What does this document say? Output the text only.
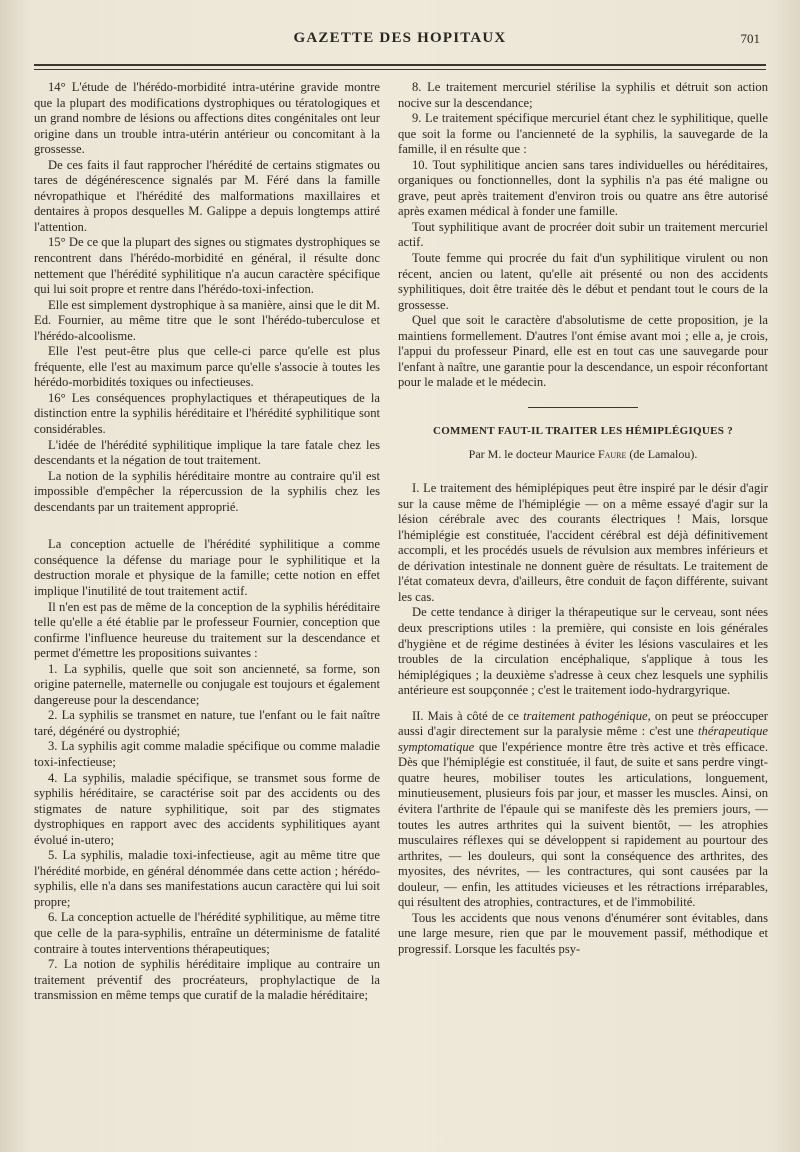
GAZETTE DES HOPITAUX	701

14° L'étude de l'hérédo-morbidité intra-utérine gravide montre que la plupart des modifications dystrophiques ou tératologiques et un grand nombre de lésions ou affections dites congénitales ont leur origine dans un trouble intra-utérin antérieur ou concomitant à la grossesse.

De ces faits il faut rapprocher l'hérédité de certains stigmates ou tares de dégénérescence signalés par M. Féré dans la famille névropathique et l'hérédité des malformations maxillaires et dentaires à propos desquelles M. Galippe a depuis longtemps attiré l'attention.

15° De ce que la plupart des signes ou stigmates dystrophiques se rencontrent dans l'hérédo-morbidité en général, il résulte donc nettement que l'hérédité syphilitique n'a aucun caractère spécifique qui lui soit propre et rentre dans l'hérédo-toxi-infection.

Elle est simplement dystrophique à sa manière, ainsi que le dit M. Ed. Fournier, au même titre que le sont l'hérédo-tuberculose et l'hérédo-alcoolisme.

Elle l'est peut-être plus que celle-ci parce qu'elle est plus fréquente, elle l'est au maximum parce qu'elle s'associe à toutes les hérédo-morbidités toxiques ou infectieuses.

16° Les conséquences prophylactiques et thérapeutiques de la distinction entre la syphilis héréditaire et l'hérédité syphilitique sont considérables.

L'idée de l'hérédité syphilitique implique la tare fatale chez les descendants et la négation de tout traitement.

La notion de la syphilis héréditaire montre au contraire qu'il est impossible d'empêcher la répercussion de la syphilis chez les descendants par un traitement approprié.

La conception actuelle de l'hérédité syphilitique a comme conséquence la défense du mariage pour le syphilitique et la destruction morale et physique de la famille; cette notion en effet implique l'inutilité de tout traitement actif.

Il n'en est pas de même de la conception de la syphilis héréditaire telle qu'elle a été établie par le professeur Fournier, conception que confirme l'influence heureuse du traitement sur la descendance et permet d'émettre les propositions suivantes :

1. La syphilis, quelle que soit son ancienneté, sa forme, son origine paternelle, maternelle ou conjugale est toujours et également dangereuse pour la descendance;

2. La syphilis se transmet en nature, tue l'enfant ou le fait naître taré, dégénéré ou dystrophié;

3. La syphilis agit comme maladie spécifique ou comme maladie toxi-infectieuse;

4. La syphilis, maladie spécifique, se transmet sous forme de syphilis héréditaire, se caractérise soit par des accidents ou des stigmates de nature syphilitique, soit par des stigmates dystrophiques en rapport avec des accidents syphilitiques ayant évolué in-utero;

5. La syphilis, maladie toxi-infectieuse, agit au même titre que l'hérédité morbide, en général dénommée dans cette action ; hérédo-syphilis, elle n'a dans ses manifestations aucun caractère qui lui soit propre;

6. La conception actuelle de l'hérédité syphilitique, au même titre que celle de la para-syphilis, entraîne un déterminisme de fatalité contraire à toutes interventions thérapeutiques;

7. La notion de syphilis héréditaire implique au contraire un traitement préventif des procréateurs, prophylactique de la transmission en même temps que curatif de la maladie héréditaire;

8. Le traitement mercuriel stérilise la syphilis et détruit son action nocive sur la descendance;

9. Le traitement spécifique mercuriel étant chez le syphilitique, quelle que soit la forme ou l'ancienneté de la syphilis, la sauvegarde de la famille, il en résulte que :

10. Tout syphilitique ancien sans tares individuelles ou héréditaires, organiques ou fonctionnelles, dont la syphilis n'a pas été maligne ou grave, peut après traitement d'environ trois ou quatre ans être autorisé après examen médical à fonder une famille.

Tout syphilitique avant de procréer doit subir un traitement mercuriel actif.

Toute femme qui procrée du fait d'un syphilitique virulent ou non récent, ancien ou latent, qu'elle ait présenté ou non des accidents syphilitiques, doit être traitée dès le début et pendant tout le cours de la grossesse.

Quel que soit le caractère d'absolutisme de cette proposition, je la maintiens formellement. D'autres l'ont émise avant moi ; elle a, je crois, l'appui du professeur Pinard, elle est en tout cas une sauvegarde pour l'enfant à naître, une garantie pour la descendance, un espoir réconfortant pour le malade et le médecin.

COMMENT FAUT-IL TRAITER LES HÉMIPLÉGIQUES ?

Par M. le docteur Maurice Faure (de Lamalou).

I. Le traitement des hémiplépiques peut être inspiré par le désir d'agir sur la cause même de l'hémiplégie — on a même essayé d'agir sur la lésion cérébrale avec des courants électriques ! Mais, lorsque l'hémiplégie est constituée, l'accident cérébral est déjà définitivement accompli, et les procédés usuels de révulsion aux membres inférieurs et de dérivation intestinale ne donnent guère de résultats. Le traitement de l'état comateux devra, d'ailleurs, être conduit de façon différente, suivant les cas.

De cette tendance à diriger la thérapeutique sur le cerveau, sont nées deux prescriptions utiles : la première, qui consiste en lois générales d'hygiène et de régime destinées à éviter les lésions vasculaires et les troubles de la circulation encéphalique, s'applique à tous les hémiplégiques ; la deuxième s'adresse à ceux chez lesquels une syphilis antérieure est soupçonnée ; c'est le traitement iodo-hydrargyrique.

II. Mais à côté de ce traitement pathogénique, on peut se préoccuper aussi d'agir directement sur la paralysie même : c'est une thérapeutique symptomatique que l'expérience montre être très active et très efficace. Dès que l'hémiplégie est constituée, il faut, de suite et sans perdre vingt-quatre heures, mobiliser toutes les articulations, longuement, minutieusement, plusieurs fois par jour, et masser les muscles. Ainsi, on évitera l'arthrite de l'épaule qui se manifeste dès les premiers jours, — toutes les autres arthrites qui la suivent bientôt, — les atrophies musculaires réflexes qui se développent si rapidement au pourtour des arthrites, — les douleurs, qui sont la conséquence des arthrites, des myosites, des névrites, — les contractures, qui sont causées par la douleur, — enfin, les attitudes vicieuses et les rétractions irréparables, qui résultent des atrophies, contractures, et de l'immobilité.

Tous les accidents que nous venons d'énumérer sont évitables, dans une large mesure, rien que par le mouvement passif, méthodique et progressif. Lorsque les facultés psy-
